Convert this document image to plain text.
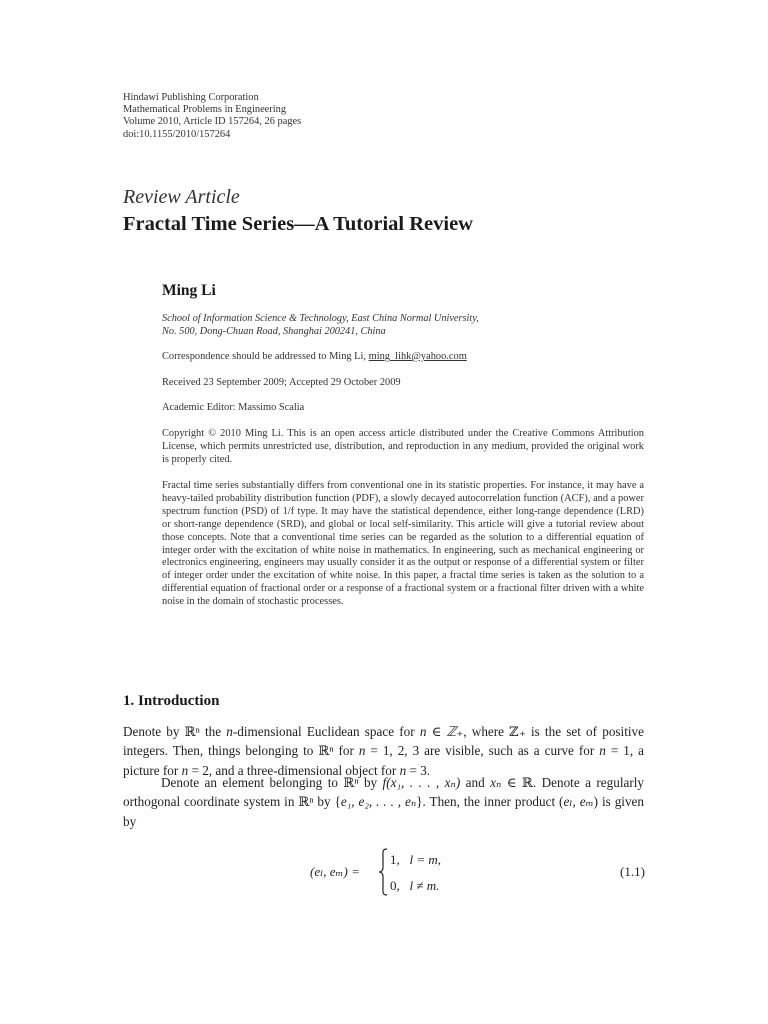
Hindawi Publishing Corporation
Mathematical Problems in Engineering
Volume 2010, Article ID 157264, 26 pages
doi:10.1155/2010/157264
Review Article
Fractal Time Series—A Tutorial Review
Ming Li
School of Information Science & Technology, East China Normal University,
No. 500, Dong-Chuan Road, Shanghai 200241, China
Correspondence should be addressed to Ming Li, ming_lihk@yahoo.com
Received 23 September 2009; Accepted 29 October 2009
Academic Editor: Massimo Scalia
Copyright © 2010 Ming Li. This is an open access article distributed under the Creative Commons Attribution License, which permits unrestricted use, distribution, and reproduction in any medium, provided the original work is properly cited.
Fractal time series substantially differs from conventional one in its statistic properties. For instance, it may have a heavy-tailed probability distribution function (PDF), a slowly decayed autocorrelation function (ACF), and a power spectrum function (PSD) of 1/f type. It may have the statistical dependence, either long-range dependence (LRD) or short-range dependence (SRD), and global or local self-similarity. This article will give a tutorial review about those concepts. Note that a conventional time series can be regarded as the solution to a differential equation of integer order with the excitation of white noise in mathematics. In engineering, such as mechanical engineering or electronics engineering, engineers may usually consider it as the output or response of a differential system or filter of integer order under the excitation of white noise. In this paper, a fractal time series is taken as the solution to a differential equation of fractional order or a response of a fractional system or a fractional filter driven with a white noise in the domain of stochastic processes.
1. Introduction
Denote by ℝⁿ the n-dimensional Euclidean space for n ∈ ℤ₊, where ℤ₊ is the set of positive integers. Then, things belonging to ℝⁿ for n = 1, 2, 3 are visible, such as a curve for n = 1, a picture for n = 2, and a three-dimensional object for n = 3.
Denote an element belonging to ℝⁿ by f(x₁, . . . , xₙ) and xₙ ∈ ℝ. Denote a regularly orthogonal coordinate system in ℝⁿ by {e₁, e₂, . . . , eₙ}. Then, the inner product (eₗ, eₘ) is given by
(eₗ, eₘ) =
1, l = m,
0, l ≠ m.
(1.1)
